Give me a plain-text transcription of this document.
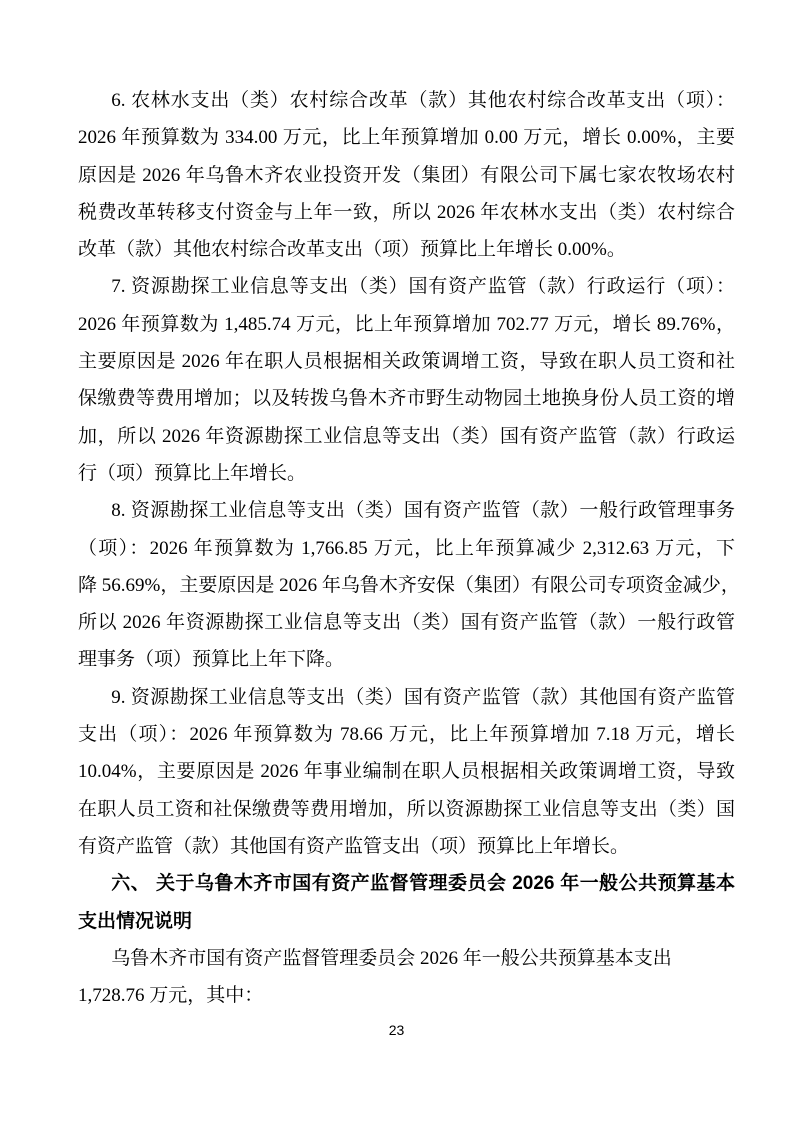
6. 农林水支出（类）农村综合改革（款）其他农村综合改革支出（项）：

2026 年预算数为 334.00 万元，比上年预算增加 0.00 万元，增长 0.00%，主要

原因是 2026 年乌鲁木齐农业投资开发（集团）有限公司下属七家农牧场农村

税费改革转移支付资金与上年一致，所以 2026 年农林水支出（类）农村综合

改革（款）其他农村综合改革支出（项）预算比上年增长 0.00%。

7. 资源勘探工业信息等支出（类）国有资产监管（款）行政运行（项）：

2026 年预算数为 1,485.74 万元，比上年预算增加 702.77 万元，增长 89.76%，

主要原因是 2026 年在职人员根据相关政策调增工资，导致在职人员工资和社

保缴费等费用增加；以及转拨乌鲁木齐市野生动物园土地换身份人员工资的增

加，所以 2026 年资源勘探工业信息等支出（类）国有资产监管（款）行政运

行（项）预算比上年增长。

8. 资源勘探工业信息等支出（类）国有资产监管（款）一般行政管理事务

（项）：2026 年预算数为 1,766.85 万元，比上年预算减少 2,312.63 万元，下

降 56.69%，主要原因是 2026 年乌鲁木齐安保（集团）有限公司专项资金减少，

所以 2026 年资源勘探工业信息等支出（类）国有资产监管（款）一般行政管

理事务（项）预算比上年下降。

9. 资源勘探工业信息等支出（类）国有资产监管（款）其他国有资产监管

支出（项）：2026 年预算数为 78.66 万元，比上年预算增加 7.18 万元，增长

10.04%，主要原因是 2026 年事业编制在职人员根据相关政策调增工资，导致

在职人员工资和社保缴费等费用增加，所以资源勘探工业信息等支出（类）国

有资产监管（款）其他国有资产监管支出（项）预算比上年增长。

六、 关于乌鲁木齐市国有资产监督管理委员会 2026 年一般公共预算基本

支出情况说明

乌鲁木齐市国有资产监督管理委员会 2026 年一般公共预算基本支出

1,728.76 万元，其中：

23
